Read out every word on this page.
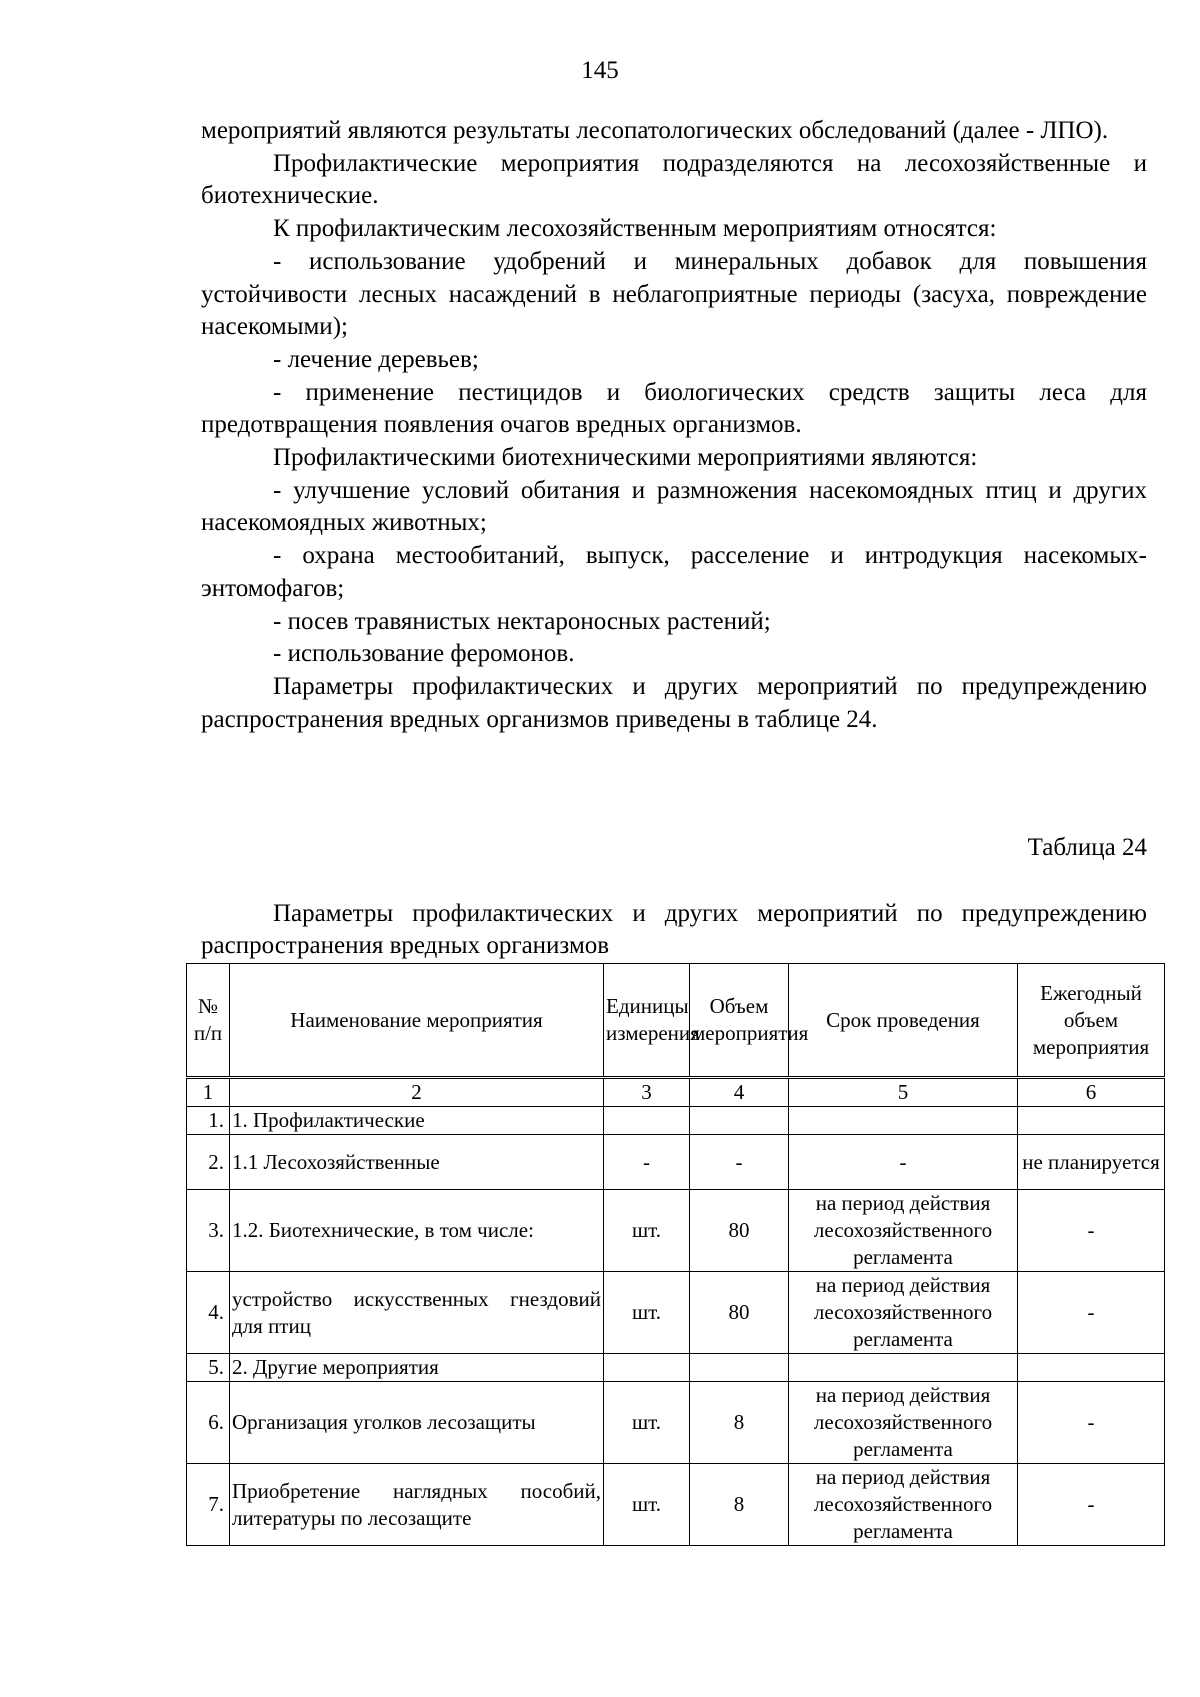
145

мероприятий являются результаты лесопатологических обследований (далее - ЛПО).

Профилактические мероприятия подразделяются на лесохозяйственные и биотехнические.

К профилактическим лесохозяйственным мероприятиям относятся:

- использование удобрений и минеральных добавок для повышения устойчивости лесных насаждений в неблагоприятные периоды (засуха, повреждение насекомыми);

- лечение деревьев;

- применение пестицидов и биологических средств защиты леса для предотвращения появления очагов вредных организмов.

Профилактическими биотехническими мероприятиями являются:

- улучшение условий обитания и размножения насекомоядных птиц и других насекомоядных животных;

- охрана местообитаний, выпуск, расселение и интродукция насекомых-энтомофагов;

- посев травянистых нектароносных растений;

- использование феромонов.

Параметры профилактических и других мероприятий по предупреждению распространения вредных организмов приведены в таблице 24.

Таблица 24
Параметры профилактических и других мероприятий по предупреждению распространения вредных организмов
№ п/п	Наименование мероприятия	Единицы измерения	Объем мероприятия	Срок проведения	Ежегодный объем мероприятия
1	2	3	4	5	6
1.	1. Профилактические				
2.	1.1 Лесохозяйственные	-	-	-	не планируется
3.	1.2. Биотехнические, в том числе:	шт.	80	на период действия лесохозяйственного регламента	-
4.	устройство искусственных гнездовий для птиц	шт.	80	на период действия лесохозяйственного регламента	-
5.	2. Другие мероприятия				
6.	Организация уголков лесозащиты	шт.	8	на период действия лесохозяйственного регламента	-
7.	Приобретение наглядных пособий, литературы по лесозащите	шт.	8	на период действия лесохозяйственного регламента	-
